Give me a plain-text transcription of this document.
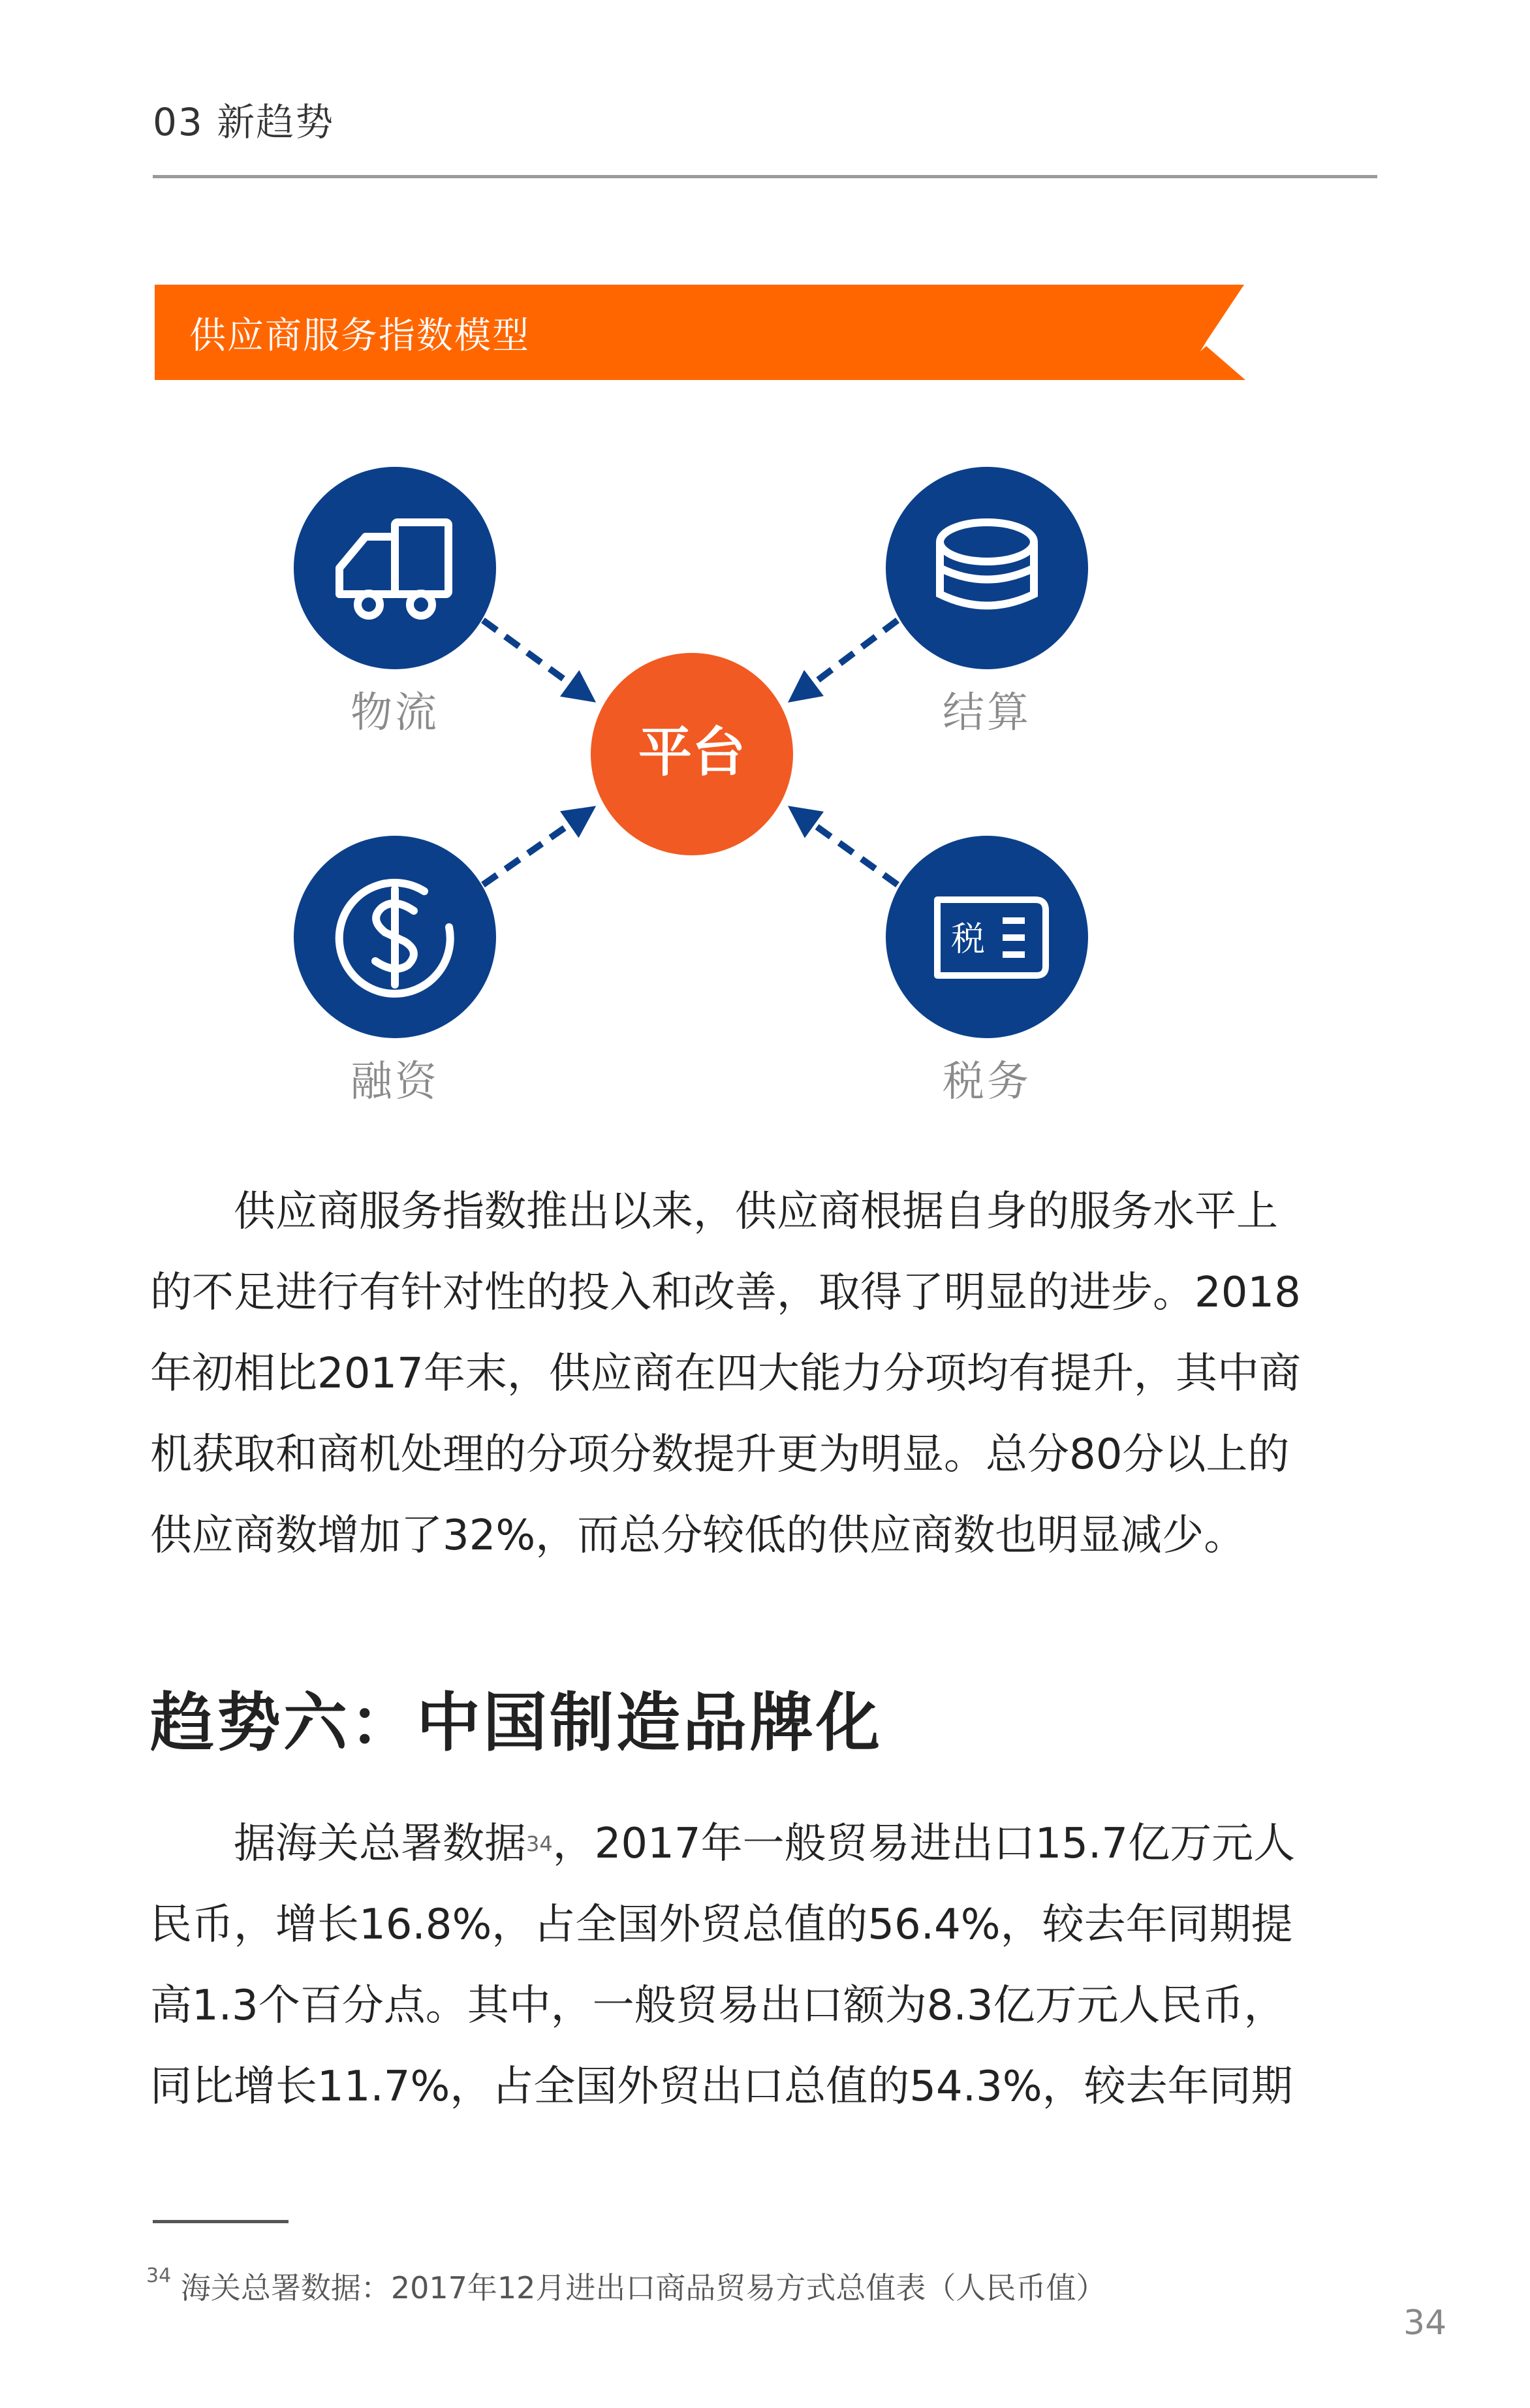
03 新趋势
供应商服务指数模型
税
平台
物流	结算
融资	税务
供应商服务指数推出以来，供应商根据自身的服务水平上
的不足进行有针对性的投入和改善，取得了明显的进步。2018
年初相比2017年末，供应商在四大能力分项均有提升，其中商
机获取和商机处理的分项分数提升更为明显。总分80分以上的
供应商数增加了32%，而总分较低的供应商数也明显减少。
趋势六：中国制造品牌化
据海关总署数据$^{34}$，2017年一般贸易进出口15.7亿万元人
民币，增长16.8%，占全国外贸总值的56.4%，较去年同期提
高1.3个百分点。其中，一般贸易出口额为8.3亿万元人民币，
同比增长11.7%，占全国外贸出口总值的54.3%，较去年同期
$^{34}$ 海关总署数据：2017年12月进出口商品贸易方式总值表（人民币值）
34
